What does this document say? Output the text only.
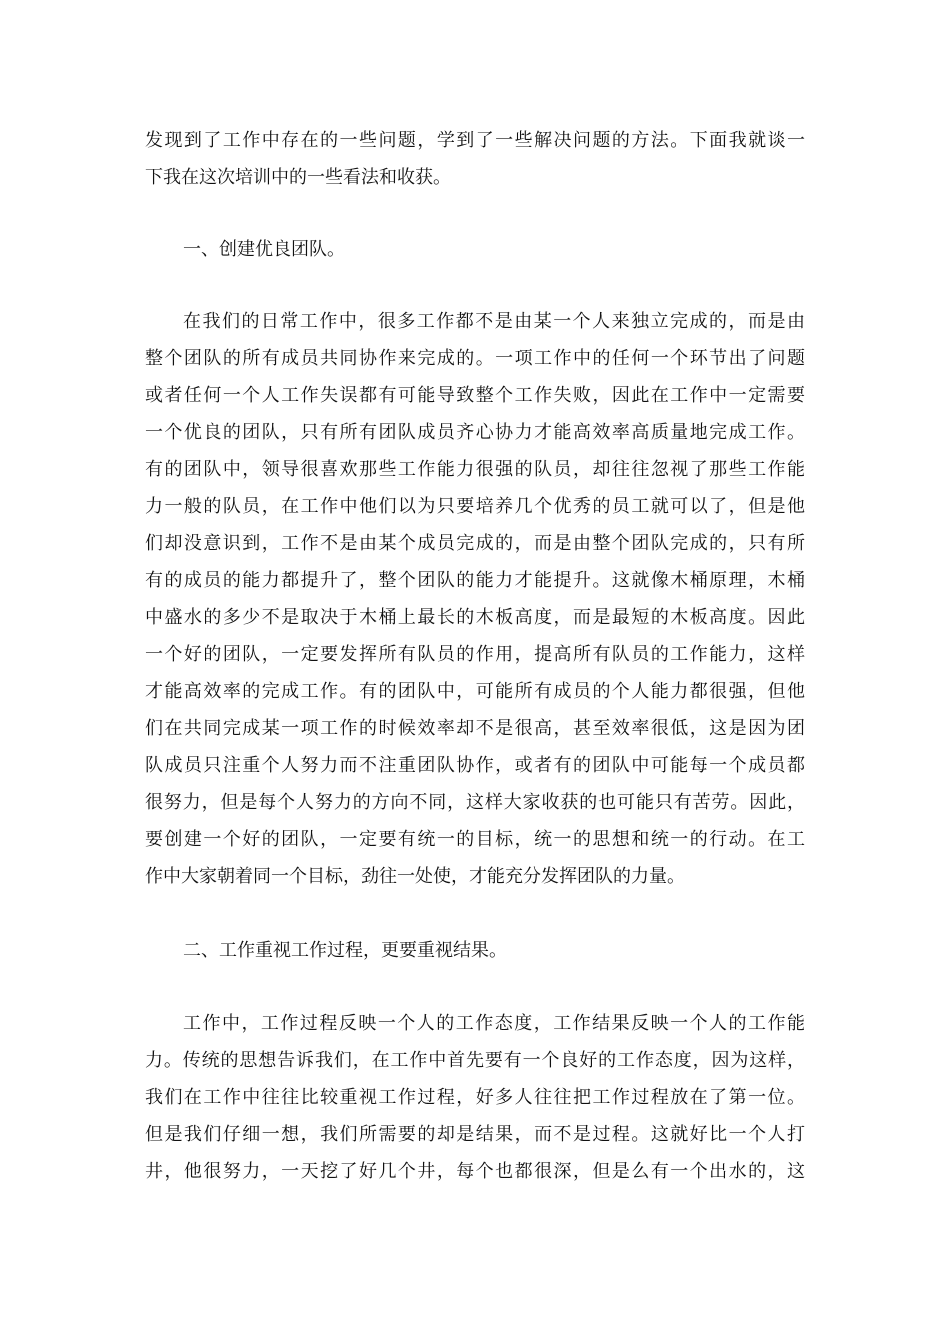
发现到了工作中存在的一些问题，学到了一些解决问题的方法。下面我就谈一
下我在这次培训中的一些看法和收获。
一、创建优良团队。
在我们的日常工作中，很多工作都不是由某一个人来独立完成的，而是由
整个团队的所有成员共同协作来完成的。一项工作中的任何一个环节出了问题
或者任何一个人工作失误都有可能导致整个工作失败，因此在工作中一定需要
一个优良的团队，只有所有团队成员齐心协力才能高效率高质量地完成工作。
有的团队中，领导很喜欢那些工作能力很强的队员，却往往忽视了那些工作能
力一般的队员，在工作中他们以为只要培养几个优秀的员工就可以了，但是他
们却没意识到，工作不是由某个成员完成的，而是由整个团队完成的，只有所
有的成员的能力都提升了，整个团队的能力才能提升。这就像木桶原理，木桶
中盛水的多少不是取决于木桶上最长的木板高度，而是最短的木板高度。因此
一个好的团队，一定要发挥所有队员的作用，提高所有队员的工作能力，这样
才能高效率的完成工作。有的团队中，可能所有成员的个人能力都很强，但他
们在共同完成某一项工作的时候效率却不是很高，甚至效率很低，这是因为团
队成员只注重个人努力而不注重团队协作，或者有的团队中可能每一个成员都
很努力，但是每个人努力的方向不同，这样大家收获的也可能只有苦劳。因此，
要创建一个好的团队，一定要有统一的目标，统一的思想和统一的行动。在工
作中大家朝着同一个目标，劲往一处使，才能充分发挥团队的力量。
二、工作重视工作过程，更要重视结果。
工作中，工作过程反映一个人的工作态度，工作结果反映一个人的工作能
力。传统的思想告诉我们，在工作中首先要有一个良好的工作态度，因为这样，
我们在工作中往往比较重视工作过程，好多人往往把工作过程放在了第一位。
但是我们仔细一想，我们所需要的却是结果，而不是过程。这就好比一个人打
井，他很努力，一天挖了好几个井，每个也都很深，但是么有一个出水的，这
